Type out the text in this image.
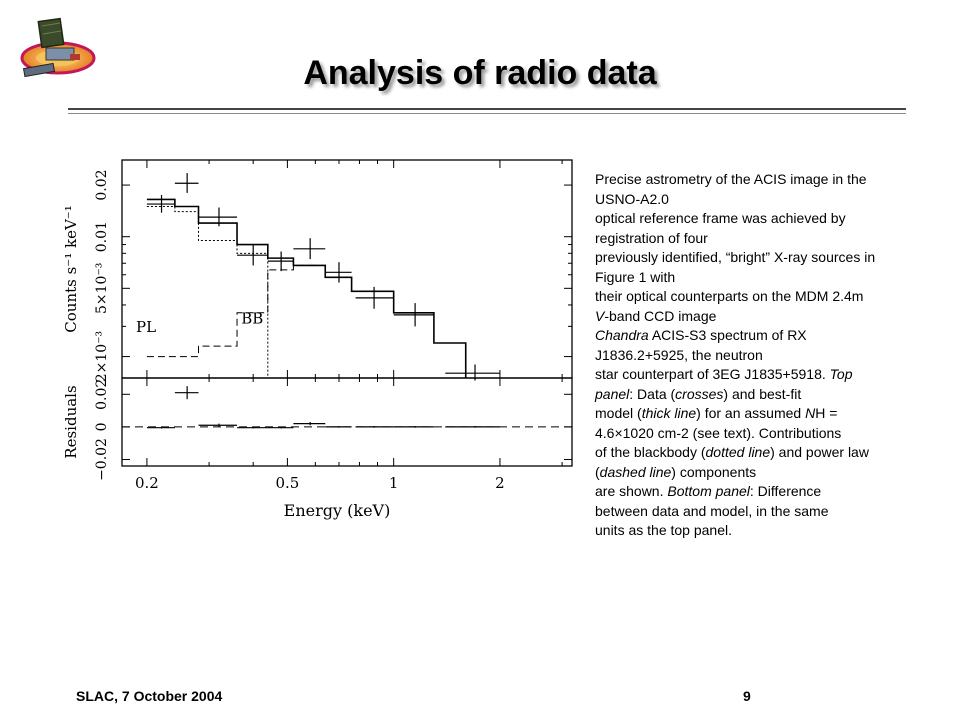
Analysis of radio data
0.2	0.5	1	2
Energy (keV)
2×10⁻³
5×10⁻³
0.01
0.02
Counts s⁻¹ keV⁻¹
−0.02
0
0.02
Residuals
PL	BB
Precise astrometry of the ACIS image in the
USNO-A2.0
optical reference frame was achieved by
registration of four
previously identified, “bright” X-ray sources in
Figure 1 with
their optical counterparts on the MDM 2.4m
V-band CCD image
Chandra ACIS-S3 spectrum of RX
J1836.2+5925, the neutron
star counterpart of 3EG J1835+5918. Top
panel: Data (crosses) and best-fit
model (thick line) for an assumed NH =
4.6×1020 cm-2 (see text). Contributions
of the blackbody (dotted line) and power law
(dashed line) components
are shown. Bottom panel: Difference
between data and model, in the same
units as the top panel.
SLAC, 7 October 2004	9
